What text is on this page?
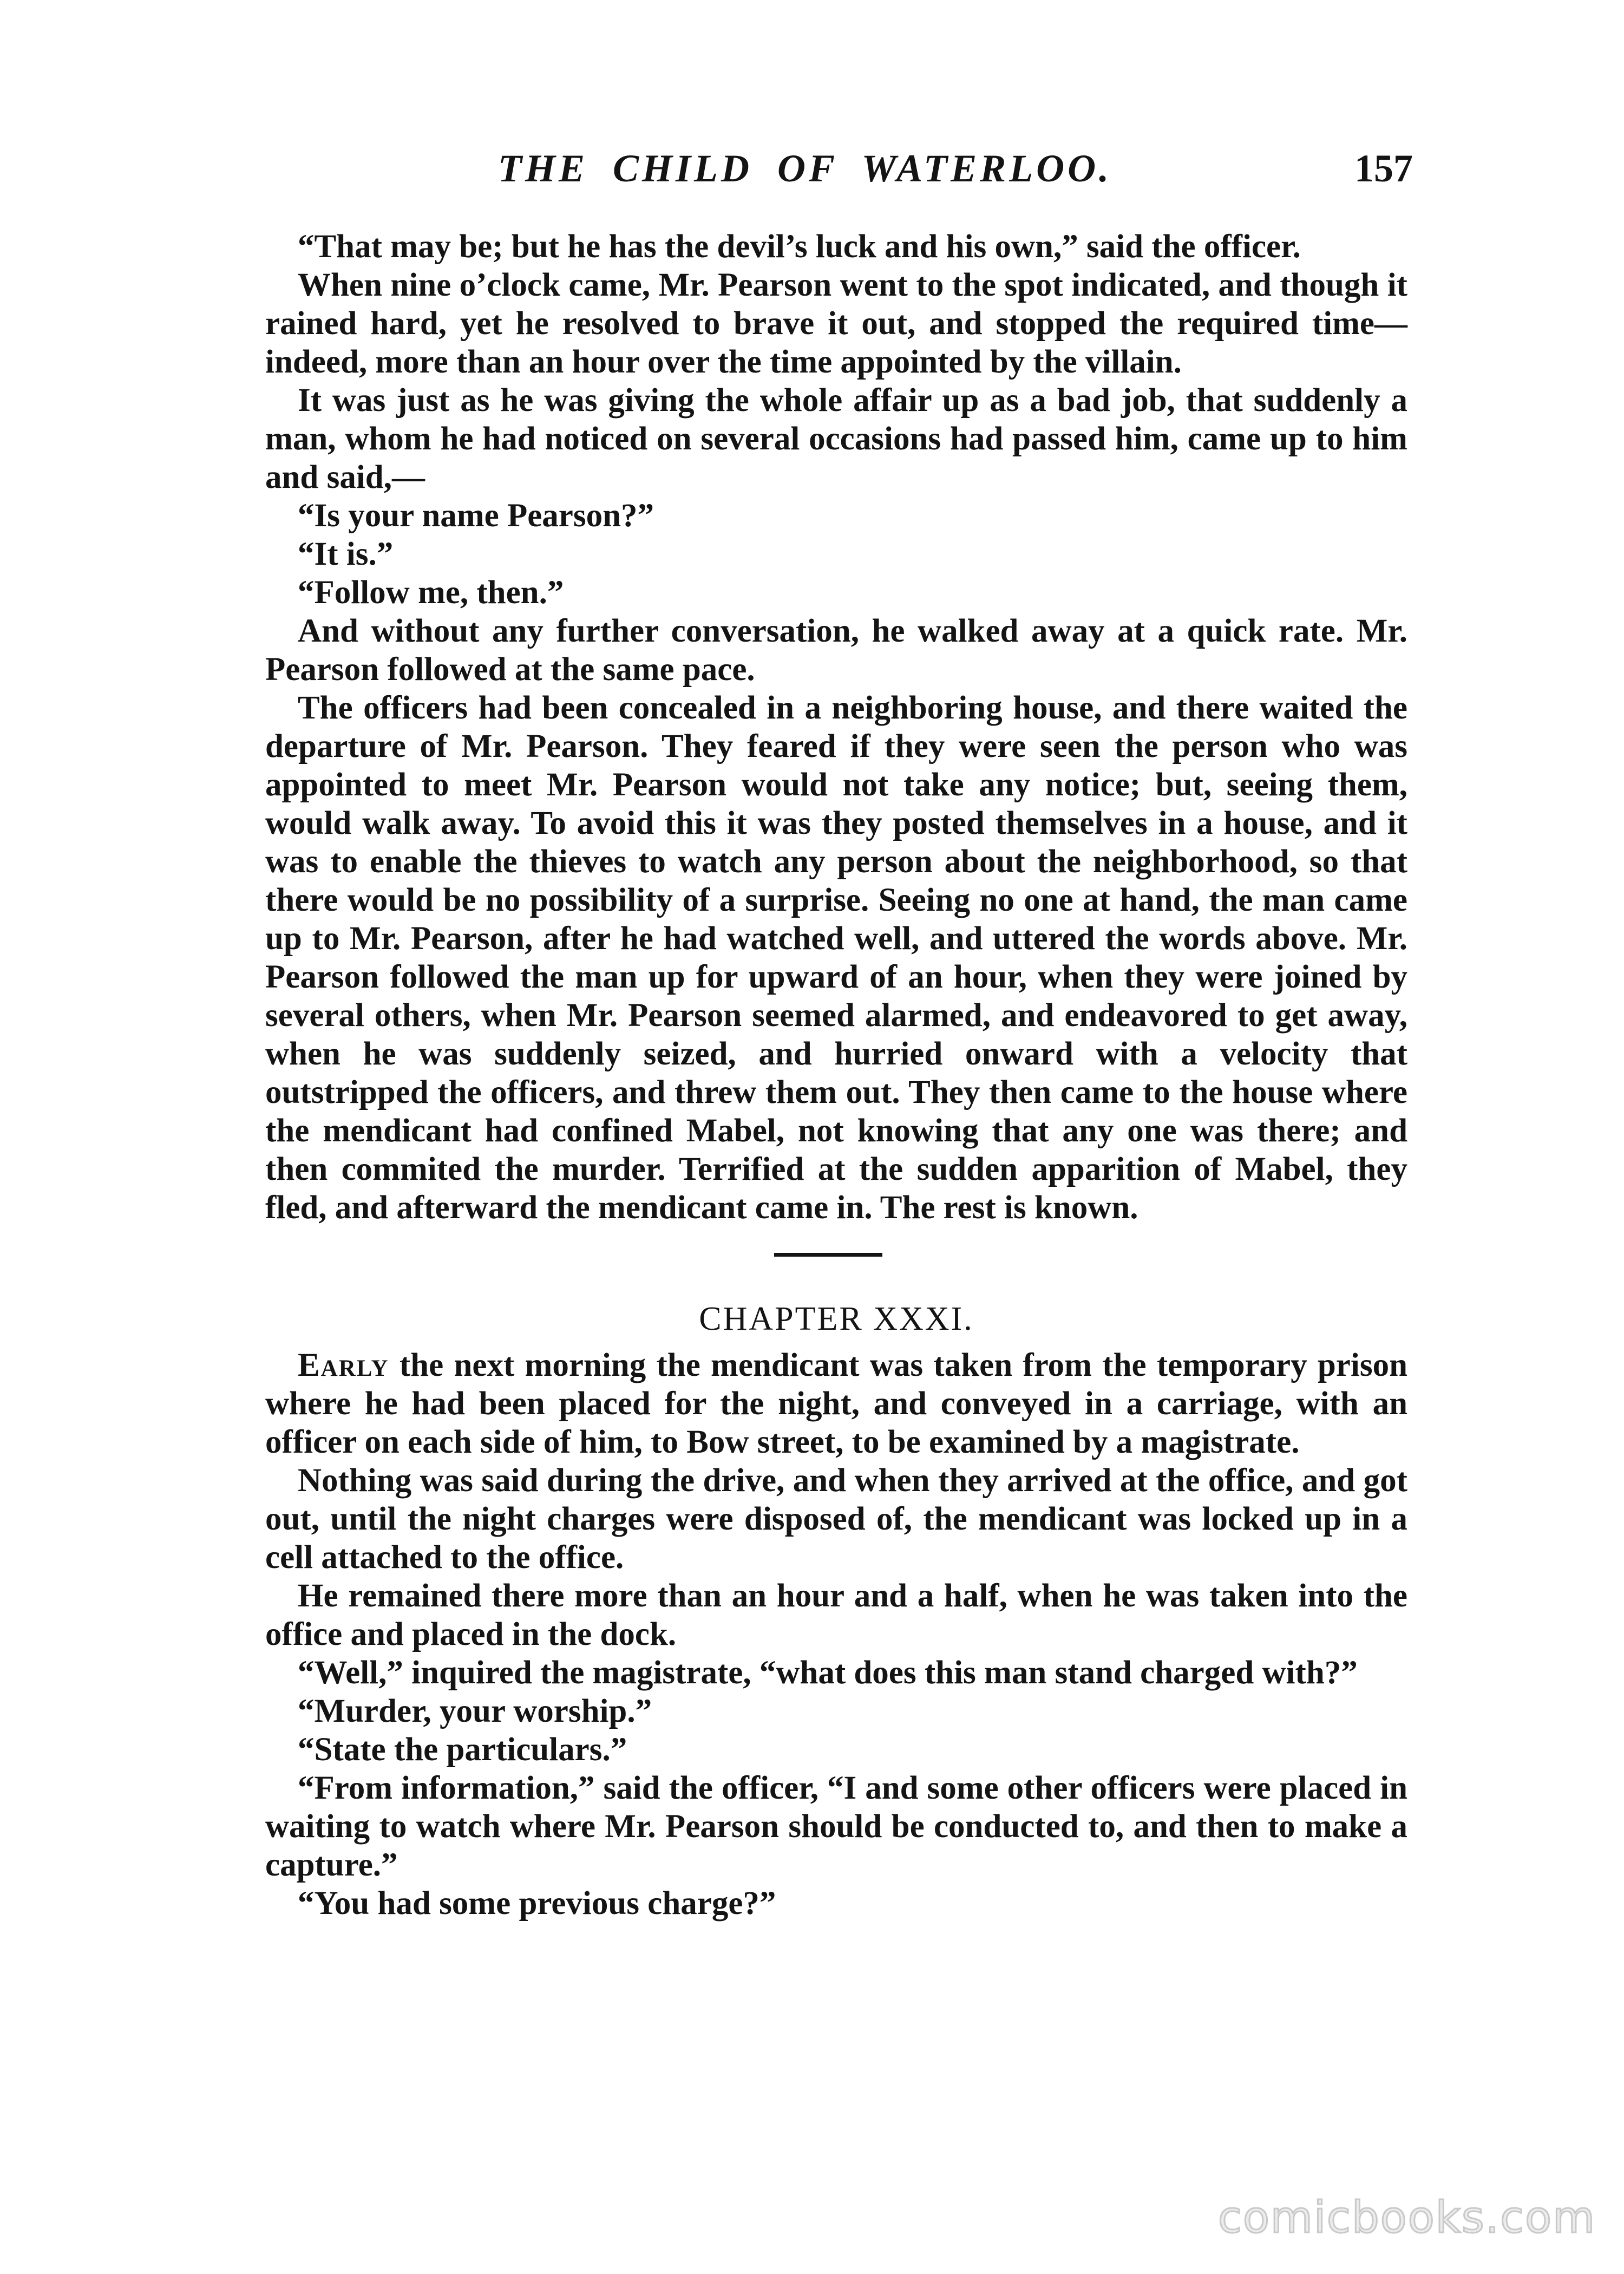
THE CHILD OF WATERLOO.	157

“That may be; but he has the devil’s luck and his own,” said the officer.

When nine o’clock came, Mr. Pearson went to the spot indicated, and though it rained hard, yet he resolved to brave it out, and stopped the required time—indeed, more than an hour over the time appointed by the villain.

It was just as he was giving the whole affair up as a bad job, that suddenly a man, whom he had noticed on several occasions had passed him, came up to him and said,—

“Is your name Pearson?”

“It is.”

“Follow me, then.”

And without any further conversation, he walked away at a quick rate. Mr. Pearson followed at the same pace.

The officers had been concealed in a neighboring house, and there waited the departure of Mr. Pearson. They feared if they were seen the person who was appointed to meet Mr. Pearson would not take any notice; but, seeing them, would walk away. To avoid this it was they posted themselves in a house, and it was to enable the thieves to watch any person about the neighborhood, so that there would be no possibility of a surprise. Seeing no one at hand, the man came up to Mr. Pearson, after he had watched well, and uttered the words above. Mr. Pearson followed the man up for upward of an hour, when they were joined by several others, when Mr. Pearson seemed alarmed, and endeavored to get away, when he was suddenly seized, and hurried onward with a velocity that outstripped the officers, and threw them out. They then came to the house where the mendicant had confined Mabel, not knowing that any one was there; and then commited the murder. Terrified at the sudden apparition of Mabel, they fled, and afterward the mendicant came in. The rest is known.

CHAPTER XXXI.

Early the next morning the mendicant was taken from the temporary prison where he had been placed for the night, and conveyed in a carriage, with an officer on each side of him, to Bow street, to be examined by a magistrate.

Nothing was said during the drive, and when they arrived at the office, and got out, until the night charges were disposed of, the mendicant was locked up in a cell attached to the office.

He remained there more than an hour and a half, when he was taken into the office and placed in the dock.

“Well,” inquired the magistrate, “what does this man stand charged with?”

“Murder, your worship.”

“State the particulars.”

“From information,” said the officer, “I and some other officers were placed in waiting to watch where Mr. Pearson should be conducted to, and then to make a capture.”

“You had some previous charge?”

comicbooks.com
